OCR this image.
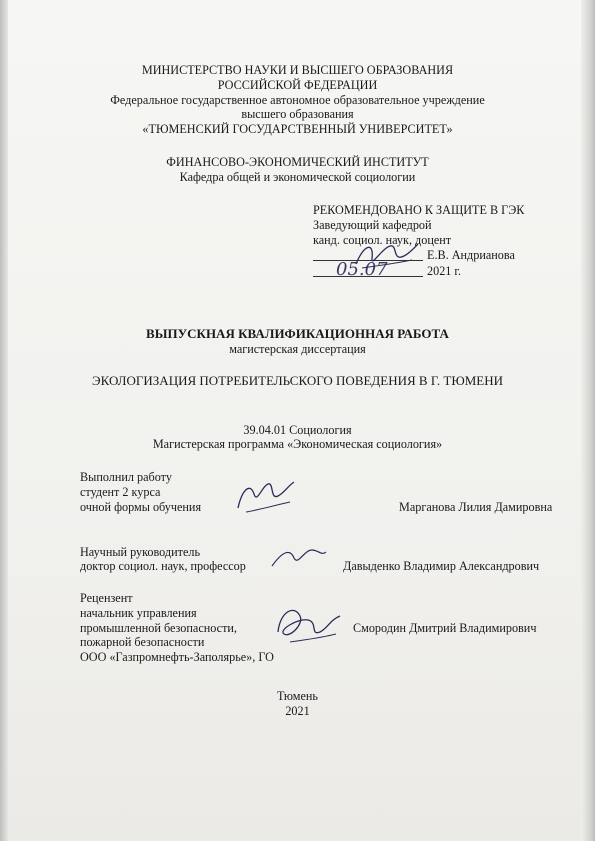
МИНИСТЕРСТВО НАУКИ И ВЫСШЕГО ОБРАЗОВАНИЯ
РОССИЙСКОЙ ФЕДЕРАЦИИ
Федеральное государственное автономное образовательное учреждение
высшего образования
«ТЮМЕНСКИЙ ГОСУДАРСТВЕННЫЙ УНИВЕРСИТЕТ»
ФИНАНСОВО-ЭКОНОМИЧЕСКИЙ ИНСТИТУТ
Кафедра общей и экономической социологии
РЕКОМЕНДОВАНО К ЗАЩИТЕ В ГЭК
Заведующий кафедрой
канд. социол. наук, доцент
Е.В. Андрианова
05.07	2021 г.
ВЫПУСКНАЯ КВАЛИФИКАЦИОННАЯ РАБОТА
магистерская диссертация
ЭКОЛОГИЗАЦИЯ ПОТРЕБИТЕЛЬСКОГО ПОВЕДЕНИЯ В Г. ТЮМЕНИ
39.04.01 Социология
Магистерская программа «Экономическая социология»
Выполнил работу
студент 2 курса
очной формы обучения	Марганова Лилия Дамировна
Научный руководитель
доктор социол. наук, профессор	Давыденко Владимир Александрович
Рецензент
начальник управления
промышленной безопасности,
пожарной безопасности
ООО «Газпромнефть-Заполярье», ГО
Смородин Дмитрий Владимирович
Тюмень
2021
